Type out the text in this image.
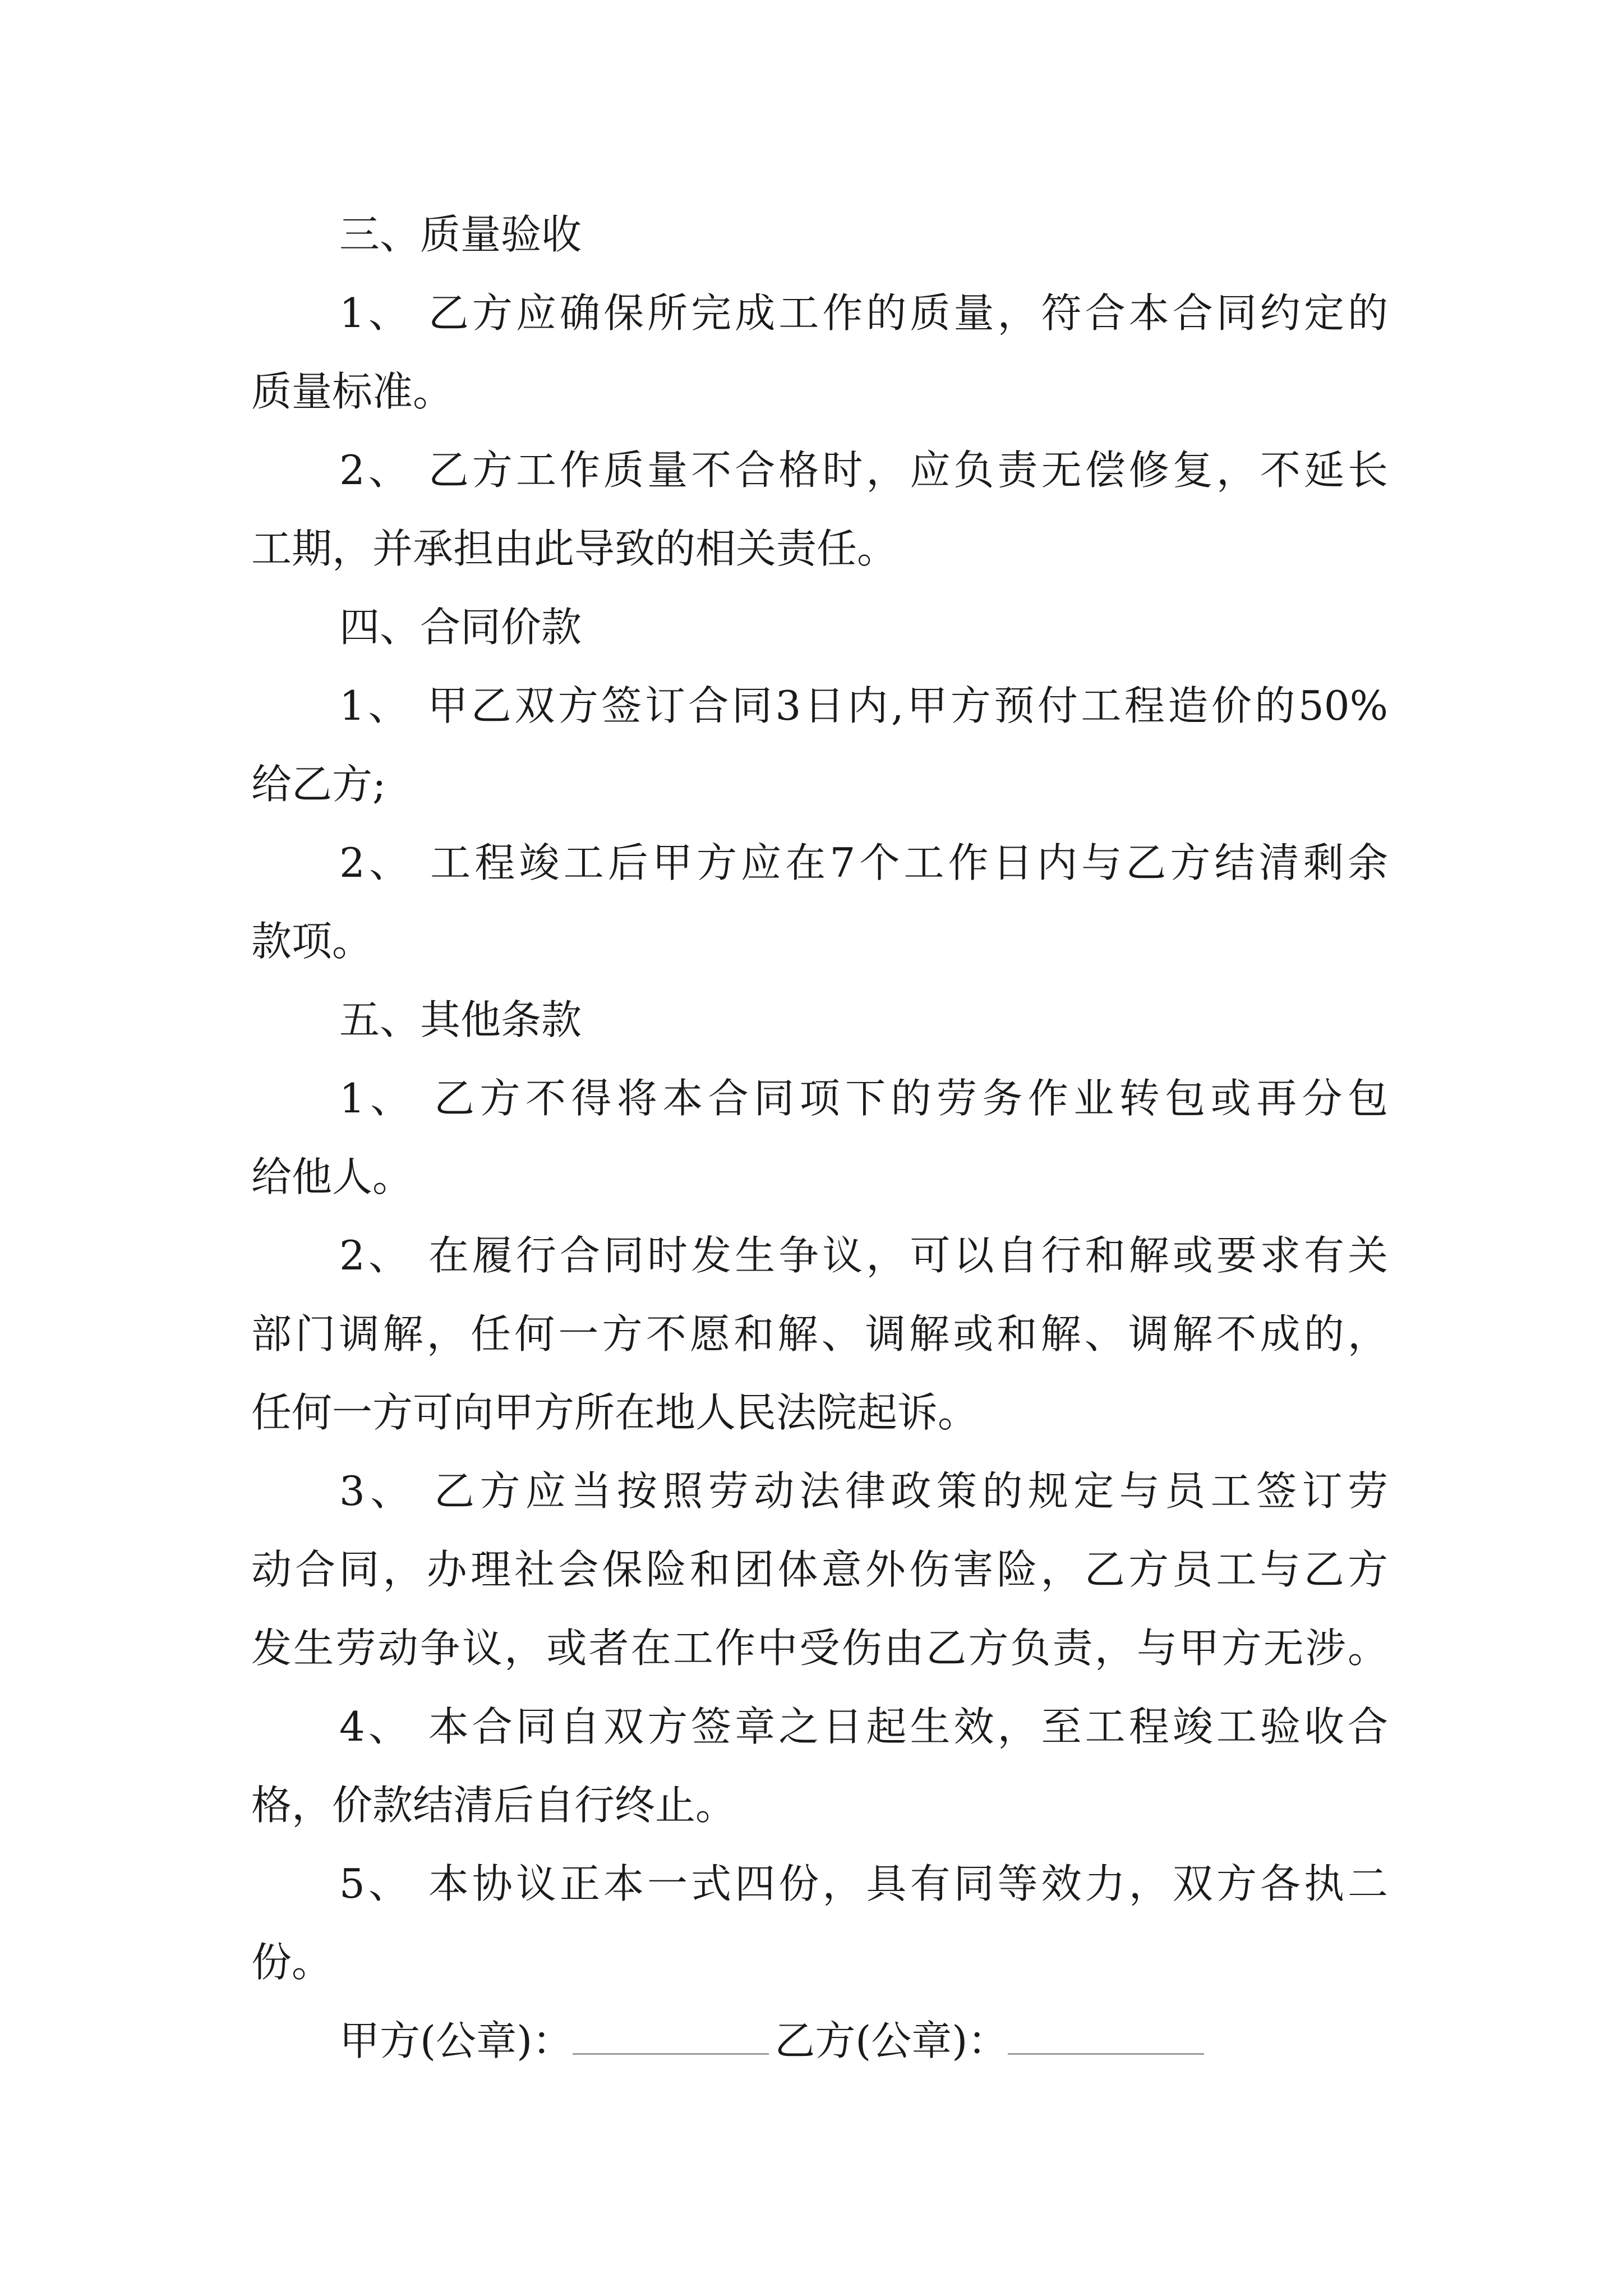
三、质量验收
1、 乙方应确保所完成工作的质量，符合本合同约定的
质量标准。
2、 乙方工作质量不合格时，应负责无偿修复，不延长
工期，并承担由此导致的相关责任。
四、合同价款
1、 甲乙双方签订合同3日内,甲方预付工程造价的50%
给乙方;
2、 工程竣工后甲方应在7个工作日内与乙方结清剩余
款项。
五、其他条款
1、 乙方不得将本合同项下的劳务作业转包或再分包
给他人。
2、 在履行合同时发生争议，可以自行和解或要求有关
部门调解，任何一方不愿和解、调解或和解、调解不成的，
任何一方可向甲方所在地人民法院起诉。
3、 乙方应当按照劳动法律政策的规定与员工签订劳
动合同，办理社会保险和团体意外伤害险，乙方员工与乙方
发生劳动争议，或者在工作中受伤由乙方负责，与甲方无涉。
4、 本合同自双方签章之日起生效，至工程竣工验收合
格，价款结清后自行终止。
5、 本协议正本一式四份，具有同等效力，双方各执二
份。
甲方(公章)：	乙方(公章)：
